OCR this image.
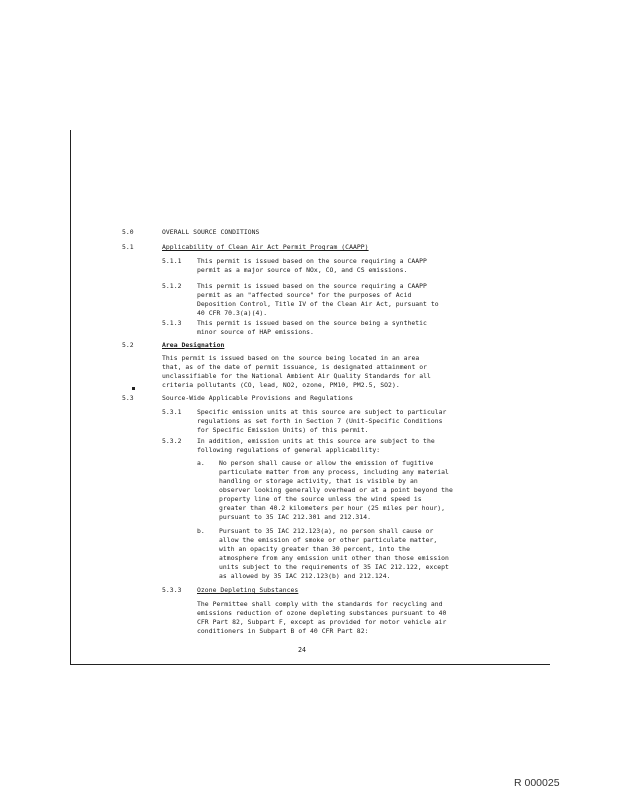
5.0	OVERALL SOURCE CONDITIONS
5.1	Applicability of Clean Air Act Permit Program (CAAPP)
5.1.1 This permit is issued based on the source requiring a CAAPP
permit as a major source of NOx, CO, and CS emissions.
5.1.2 This permit is issued based on the source requiring a CAAPP
permit as an "affected source" for the purposes of Acid
Deposition Control, Title IV of the Clean Air Act, pursuant to
40 CFR 70.3(a)(4).
5.1.3 This permit is issued based on the source being a synthetic
minor source of HAP emissions.
5.2	Area Designation
This permit is issued based on the source being located in an area
that, as of the date of permit issuance, is designated attainment or
unclassifiable for the National Ambient Air Quality Standards for all
criteria pollutants (CO, lead, NO2, ozone, PM10, PM2.5, SO2).
5.3	Source-Wide Applicable Provisions and Regulations
5.3.1 Specific emission units at this source are subject to particular
regulations as set forth in Section 7 (Unit-Specific Conditions
for Specific Emission Units) of this permit.
5.3.2 In addition, emission units at this source are subject to the
following regulations of general applicability:
a. No person shall cause or allow the emission of fugitive
particulate matter from any process, including any material
handling or storage activity, that is visible by an
observer looking generally overhead or at a point beyond the
property line of the source unless the wind speed is
greater than 40.2 kilometers per hour (25 miles per hour),
pursuant to 35 IAC 212.301 and 212.314.
b. Pursuant to 35 IAC 212.123(a), no person shall cause or
allow the emission of smoke or other particulate matter,
with an opacity greater than 30 percent, into the
atmosphere from any emission unit other than those emission
units subject to the requirements of 35 IAC 212.122, except
as allowed by 35 IAC 212.123(b) and 212.124.
5.3.3 Ozone Depleting Substances
The Permittee shall comply with the standards for recycling and
emissions reduction of ozone depleting substances pursuant to 40
CFR Part 82, Subpart F, except as provided for motor vehicle air
conditioners in Subpart B of 40 CFR Part 82:
24
R 000025
